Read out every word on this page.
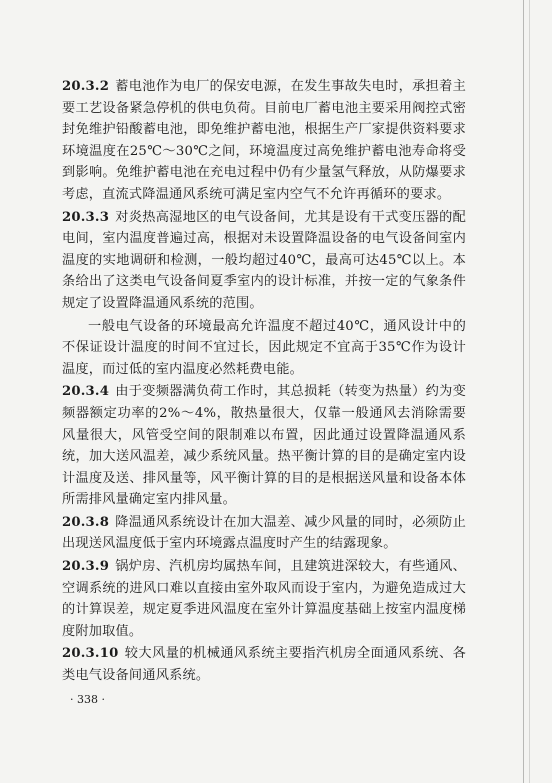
20.3.2 蓄电池作为电厂的保安电源，在发生事故失电时，承担着主要工艺设备紧急停机的供电负荷。目前电厂蓄电池主要采用阀控式密封免维护铅酸蓄电池，即免维护蓄电池，根据生产厂家提供资料要求环境温度在25℃～30℃之间，环境温度过高免维护蓄电池寿命将受到影响。免维护蓄电池在充电过程中仍有少量氢气释放，从防爆要求考虑，直流式降温通风系统可满足室内空气不允许再循环的要求。

20.3.3 对炎热高湿地区的电气设备间，尤其是设有干式变压器的配电间，室内温度普遍过高，根据对未设置降温设备的电气设备间室内温度的实地调研和检测，一般均超过40℃，最高可达45℃以上。本条给出了这类电气设备间夏季室内的设计标准，并按一定的气象条件规定了设置降温通风系统的范围。

一般电气设备的环境最高允许温度不超过40℃，通风设计中的不保证设计温度的时间不宜过长，因此规定不宜高于35℃作为设计温度，而过低的室内温度必然耗费电能。

20.3.4 由于变频器满负荷工作时，其总损耗（转变为热量）约为变频器额定功率的2%～4%，散热量很大，仅靠一般通风去消除需要风量很大，风管受空间的限制难以布置，因此通过设置降温通风系统，加大送风温差，减少系统风量。热平衡计算的目的是确定室内设计温度及送、排风量等，风平衡计算的目的是根据送风量和设备本体所需排风量确定室内排风量。

20.3.8 降温通风系统设计在加大温差、减少风量的同时，必须防止出现送风温度低于室内环境露点温度时产生的结露现象。

20.3.9 锅炉房、汽机房均属热车间，且建筑进深较大，有些通风、空调系统的进风口难以直接由室外取风而设于室内，为避免造成过大的计算误差，规定夏季进风温度在室外计算温度基础上按室内温度梯度附加取值。

20.3.10 较大风量的机械通风系统主要指汽机房全面通风系统、各类电气设备间通风系统。

· 338 ·
